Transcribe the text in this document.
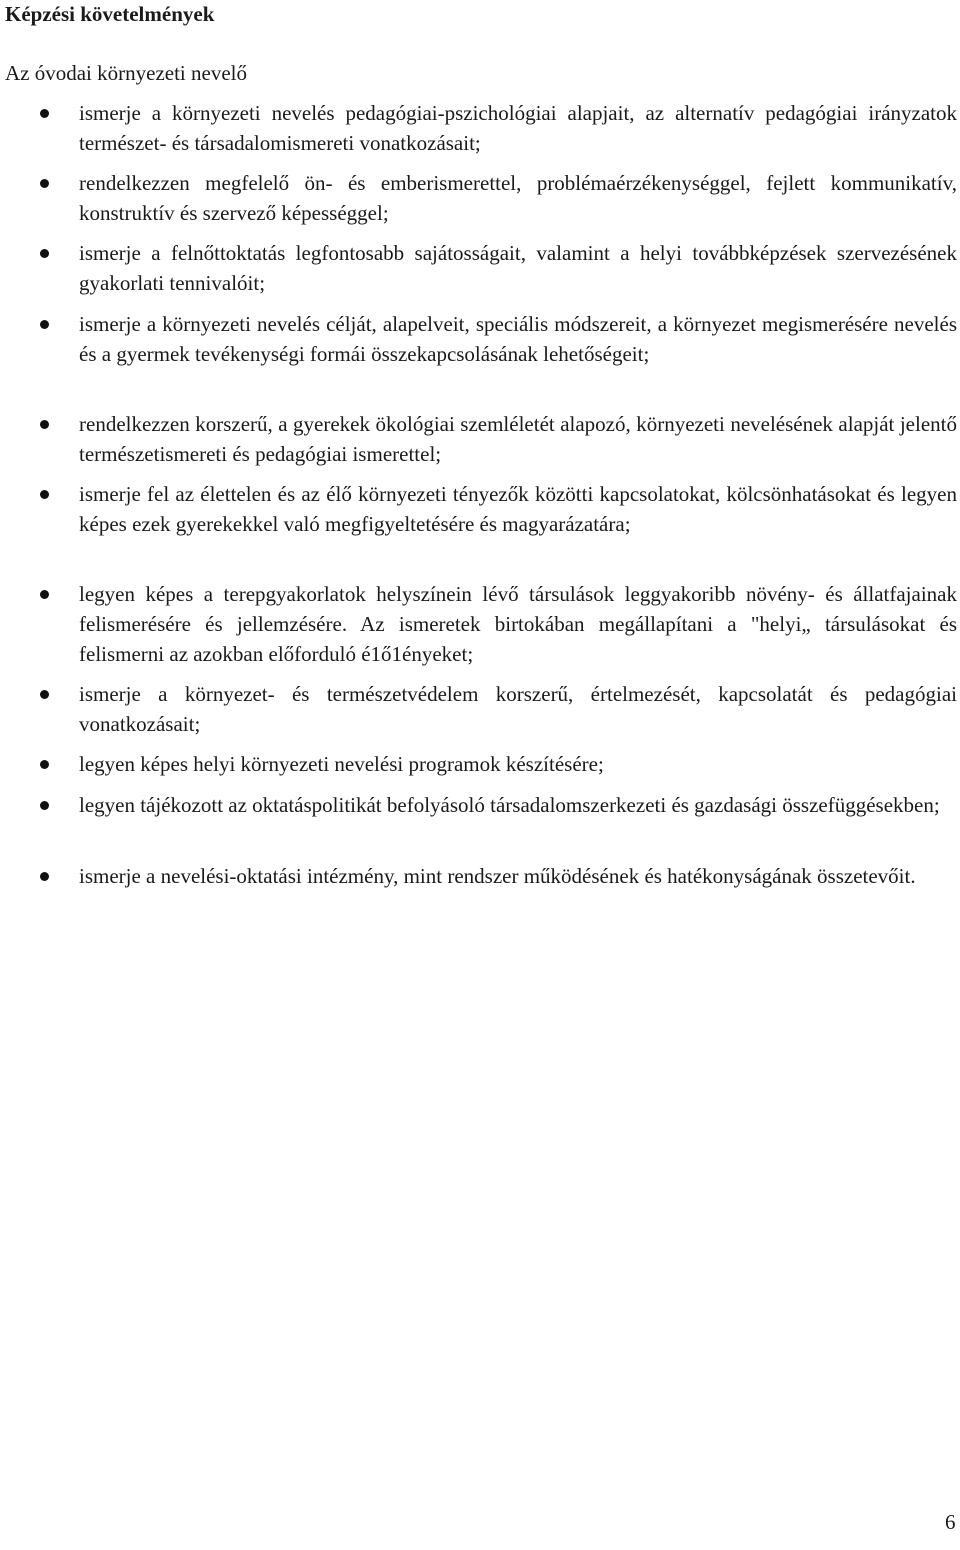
Képzési követelmények

Az óvodai környezeti nevelő

ismerje a környezeti nevelés pedagógiai-pszichológiai alapjait, az alternatív pedagógiai irányzatok természet- és társadalomismereti vonatkozásait;
rendelkezzen megfelelő ön- és emberismerettel, problémaérzékenységgel, fejlett kommunikatív, konstruktív és szervező képességgel;
ismerje a felnőttoktatás legfontosabb sajátosságait, valamint a helyi továbbképzések szervezésének gyakorlati tennivalóit;
ismerje a környezeti nevelés célját, alapelveit, speciális módszereit, a környezet megismerésére nevelés és a gyermek tevékenységi formái összekapcsolásának lehetőségeit;
rendelkezzen korszerű, a gyerekek ökológiai szemléletét alapozó, környezeti nevelésének alapját jelentő természetismereti és pedagógiai ismerettel;
ismerje fel az élettelen és az élő környezeti tényezők közötti kapcsolatokat, kölcsönhatásokat és legyen képes ezek gyerekekkel való megfigyeltetésére és magyarázatára;
legyen képes a terepgyakorlatok helyszínein lévő társulások leggyakoribb növény- és állatfajainak felismerésére és jellemzésére. Az ismeretek birtokában megállapítani a "helyi„ társulásokat és felismerni az azokban előforduló é1ő1ényeket;
ismerje a környezet- és természetvédelem korszerű, értelmezését, kapcsolatát és pedagógiai vonatkozásait;
legyen képes helyi környezeti nevelési programok készítésére;
legyen tájékozott az oktatáspolitikát befolyásoló társadalomszerkezeti és gazdasági összefüggésekben;
ismerje a nevelési-oktatási intézmény, mint rendszer működésének és hatékonyságának összetevőit.

6
